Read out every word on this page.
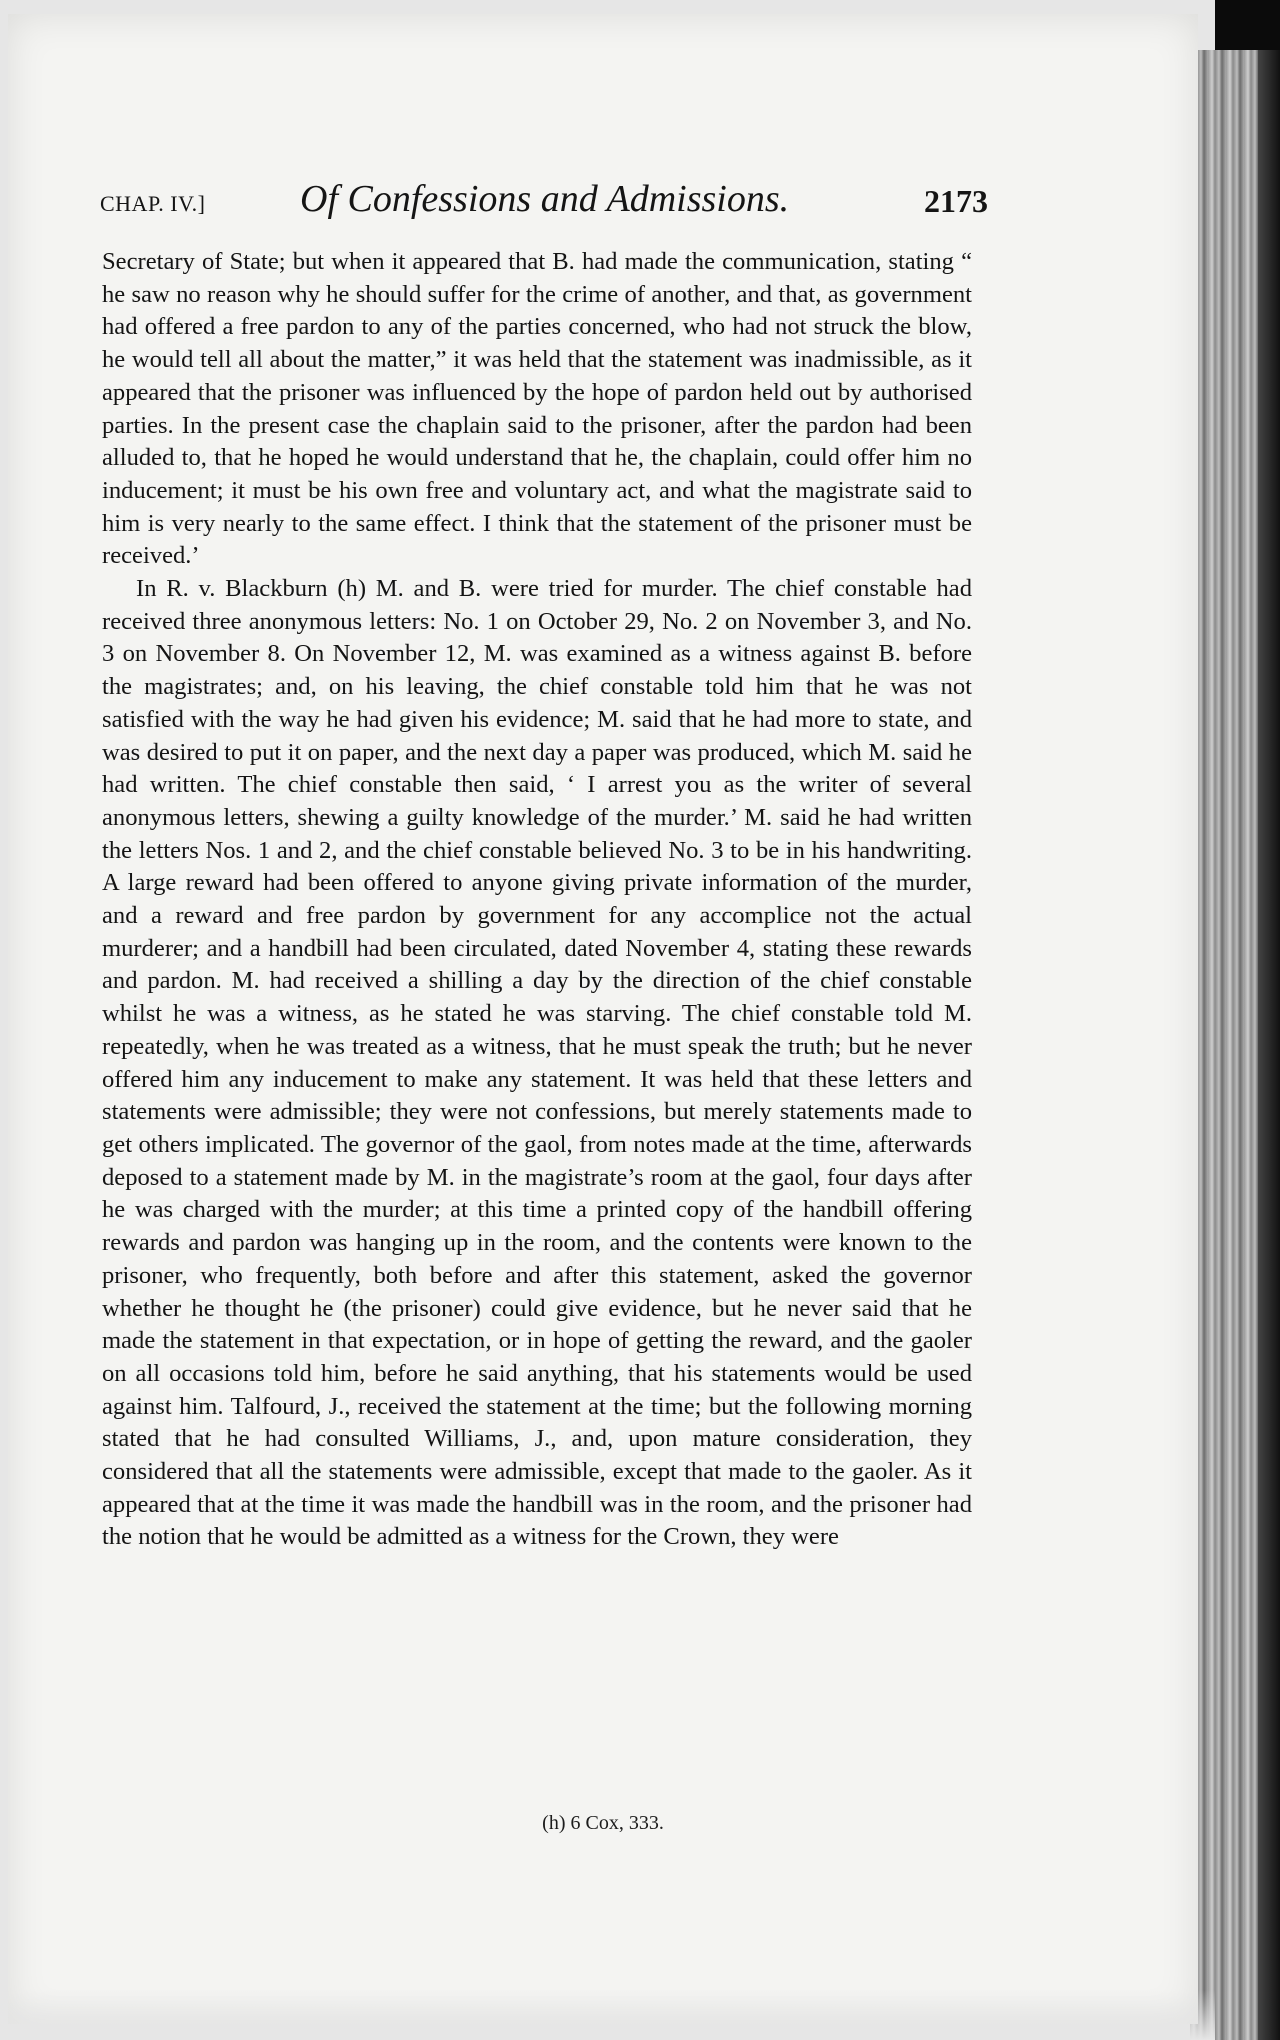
CHAP. IV.] Of Confessions and Admissions.	2173

Secretary of State; but when it appeared that B. had made the communication, stating “ he saw no reason why he should suffer for the crime of another, and that, as government had offered a free pardon to any of the parties concerned, who had not struck the blow, he would tell all about the matter,” it was held that the statement was inadmissible, as it appeared that the prisoner was influenced by the hope of pardon held out by authorised parties. In the present case the chaplain said to the prisoner, after the pardon had been alluded to, that he hoped he would understand that he, the chaplain, could offer him no inducement; it must be his own free and voluntary act, and what the magistrate said to him is very nearly to the same effect. I think that the statement of the prisoner must be received.’

In R. v. Blackburn (h) M. and B. were tried for murder. The chief constable had received three anonymous letters: No. 1 on October 29, No. 2 on November 3, and No. 3 on November 8. On November 12, M. was examined as a witness against B. before the magistrates; and, on his leaving, the chief constable told him that he was not satisfied with the way he had given his evidence; M. said that he had more to state, and was desired to put it on paper, and the next day a paper was produced, which M. said he had written. The chief constable then said, ‘ I arrest you as the writer of several anonymous letters, shewing a guilty knowledge of the murder.’ M. said he had written the letters Nos. 1 and 2, and the chief constable believed No. 3 to be in his handwriting. A large reward had been offered to anyone giving private information of the murder, and a reward and free pardon by government for any accomplice not the actual murderer; and a handbill had been circulated, dated November 4, stating these rewards and pardon. M. had received a shilling a day by the direction of the chief constable whilst he was a witness, as he stated he was starving. The chief constable told M. repeatedly, when he was treated as a witness, that he must speak the truth; but he never offered him any inducement to make any statement. It was held that these letters and statements were admissible; they were not confessions, but merely statements made to get others implicated. The governor of the gaol, from notes made at the time, afterwards deposed to a statement made by M. in the magistrate’s room at the gaol, four days after he was charged with the murder; at this time a printed copy of the handbill offering rewards and pardon was hanging up in the room, and the contents were known to the prisoner, who frequently, both before and after this statement, asked the governor whether he thought he (the prisoner) could give evidence, but he never said that he made the statement in that expectation, or in hope of getting the reward, and the gaoler on all occasions told him, before he said anything, that his statements would be used against him. Talfourd, J., received the statement at the time; but the following morning stated that he had consulted Williams, J., and, upon mature consideration, they considered that all the statements were admissible, except that made to the gaoler. As it appeared that at the time it was made the handbill was in the room, and the prisoner had the notion that he would be admitted as a witness for the Crown, they were

(h) 6 Cox, 333.
